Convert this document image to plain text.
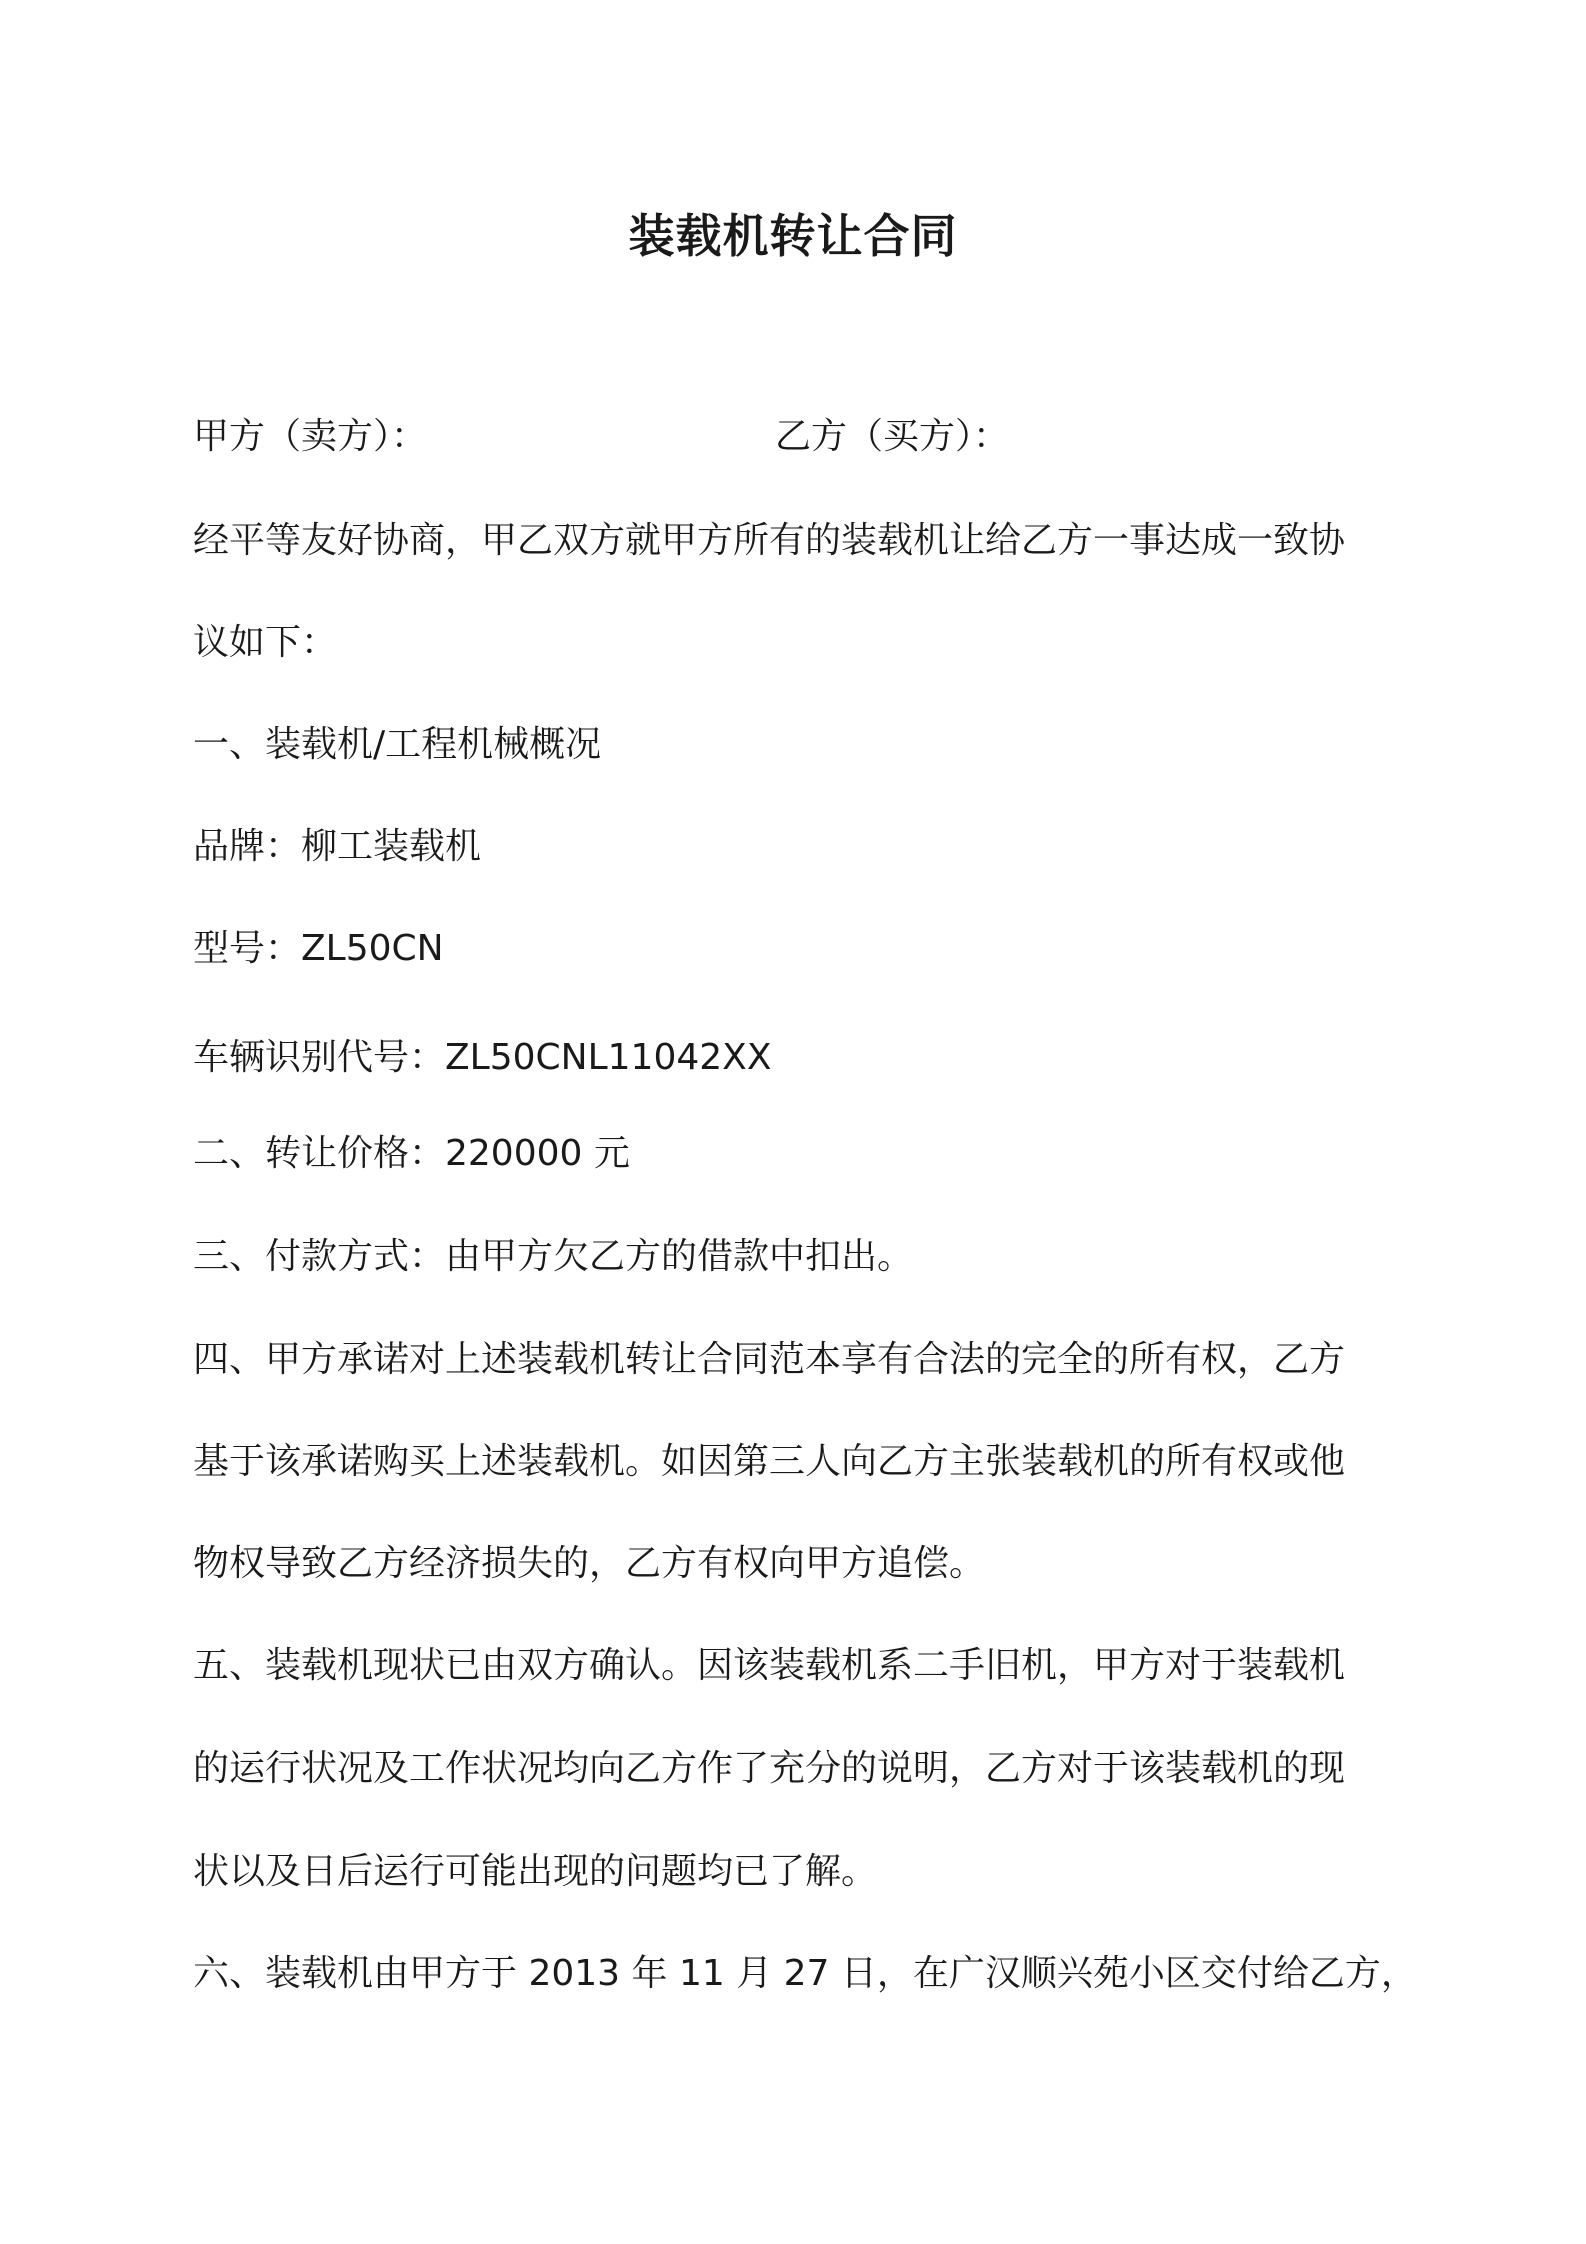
装载机转让合同
甲方（卖方）：	乙方（买方）：
经平等友好协商，甲乙双方就甲方所有的装载机让给乙方一事达成一致协
议如下：
一、装载机/工程机械概况
品牌：柳工装载机
型号：ZL50CN
车辆识别代号：ZL50CNL11042XX
二、转让价格：220000 元
三、付款方式：由甲方欠乙方的借款中扣出。
四、甲方承诺对上述装载机转让合同范本享有合法的完全的所有权，乙方
基于该承诺购买上述装载机。如因第三人向乙方主张装载机的所有权或他
物权导致乙方经济损失的，乙方有权向甲方追偿。
五、装载机现状已由双方确认。因该装载机系二手旧机，甲方对于装载机
的运行状况及工作状况均向乙方作了充分的说明，乙方对于该装载机的现
状以及日后运行可能出现的问题均已了解。
六、装载机由甲方于 2013 年 11 月 27 日，在广汉顺兴苑小区交付给乙方，
